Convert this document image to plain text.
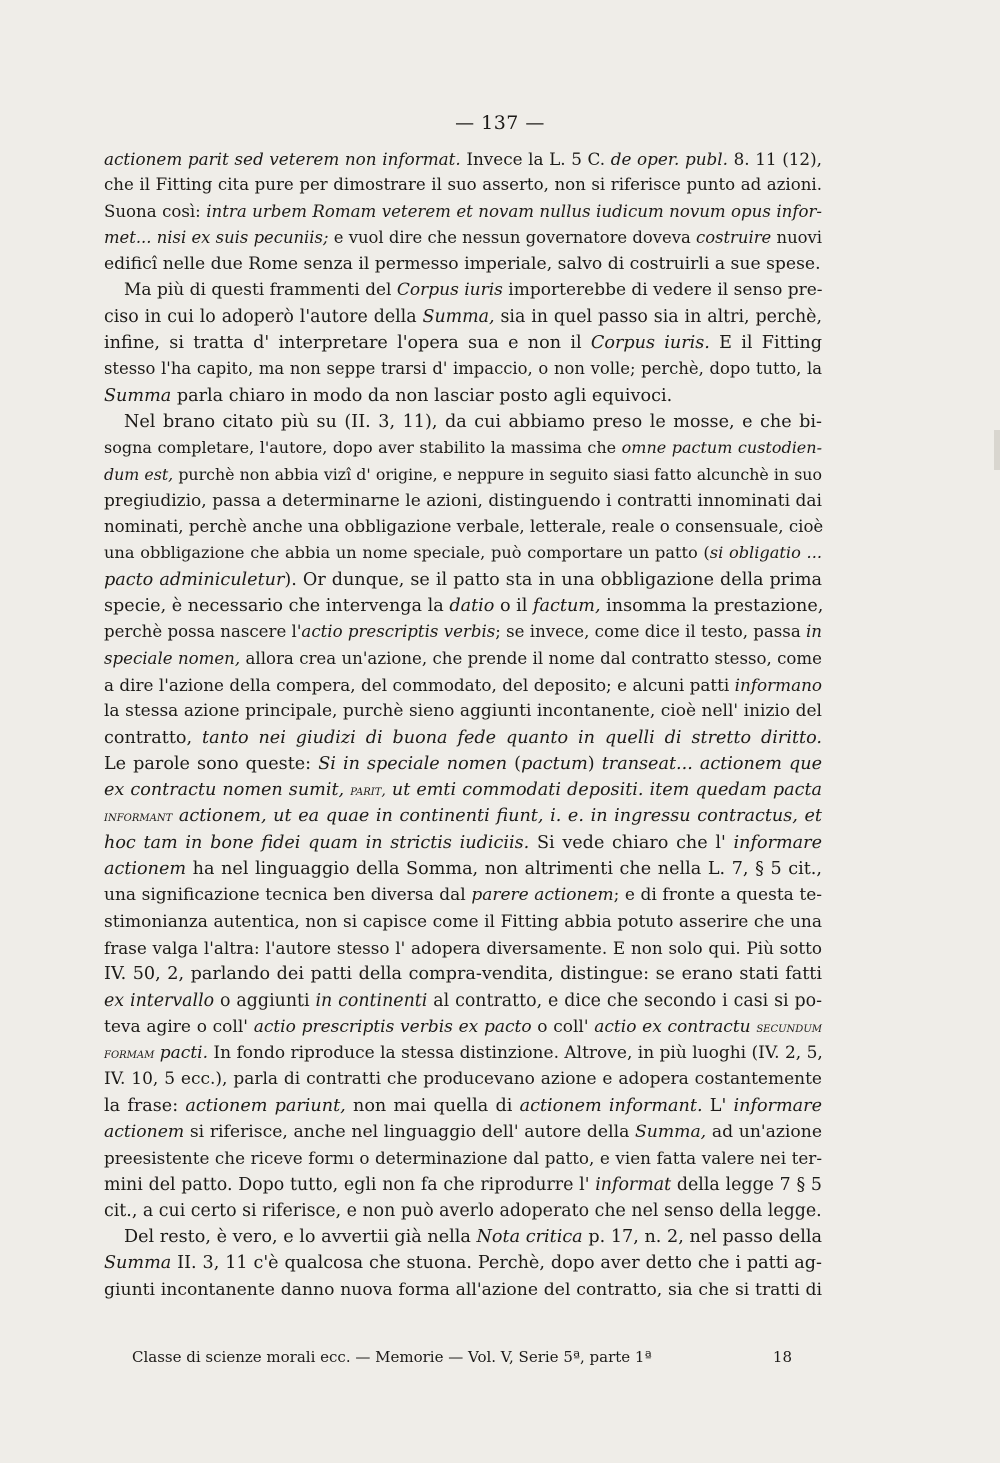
— 137 —
actionem parit sed veterem non informat. Invece la L. 5 C. de oper. publ. 8. 11 (12),
che il Fitting cita pure per dimostrare il suo asserto, non si riferisce punto ad azioni.
Suona così: intra urbem Romam veterem et novam nullus iudicum novum opus infor-
met... nisi ex suis pecuniis; e vuol dire che nessun governatore doveva costruire nuovi
edificî nelle due Rome senza il permesso imperiale, salvo di costruirli a sue spese.
Ma più di questi frammenti del Corpus iuris importerebbe di vedere il senso pre-
ciso in cui lo adoperò l'autore della Summa, sia in quel passo sia in altri, perchè,
infine, si tratta d' interpretare l'opera sua e non il Corpus iuris. E il Fitting
stesso l'ha capito, ma non seppe trarsi d' impaccio, o non volle; perchè, dopo tutto, la
Summa parla chiaro in modo da non lasciar posto agli equivoci.
Nel brano citato più su (II. 3, 11), da cui abbiamo preso le mosse, e che bi-
sogna completare, l'autore, dopo aver stabilito la massima che omne pactum custodien-
dum est, purchè non abbia vizî d' origine, e neppure in seguito siasi fatto alcunchè in suo
pregiudizio, passa a determinarne le azioni, distinguendo i contratti innominati dai
nominati, perchè anche una obbligazione verbale, letterale, reale o consensuale, cioè
una obbligazione che abbia un nome speciale, può comportare un patto (si obligatio ...
pacto adminiculetur). Or dunque, se il patto sta in una obbligazione della prima
specie, è necessario che intervenga la datio o il factum, insomma la prestazione,
perchè possa nascere l'actio prescriptis verbis; se invece, come dice il testo, passa in
speciale nomen, allora crea un'azione, che prende il nome dal contratto stesso, come
a dire l'azione della compera, del commodato, del deposito; e alcuni patti informano
la stessa azione principale, purchè sieno aggiunti incontanente, cioè nell' inizio del
contratto, tanto nei giudizi di buona fede quanto in quelli di stretto diritto.
Le parole sono queste: Si in speciale nomen (pactum) transeat... actionem que
ex contractu nomen sumit, parit, ut emti commodati depositi. item quedam pacta
informant actionem, ut ea quae in continenti fiunt, i. e. in ingressu contractus, et
hoc tam in bone fidei quam in strictis iudiciis. Si vede chiaro che l' informare
actionem ha nel linguaggio della Somma, non altrimenti che nella L. 7, § 5 cit.,
una significazione tecnica ben diversa dal parere actionem; e di fronte a questa te-
stimonianza autentica, non si capisce come il Fitting abbia potuto asserire che una
frase valga l'altra: l'autore stesso l' adopera diversamente. E non solo qui. Più sotto
IV. 50, 2, parlando dei patti della compra-vendita, distingue: se erano stati fatti
ex intervallo o aggiunti in continenti al contratto, e dice che secondo i casi si po-
teva agire o coll' actio prescriptis verbis ex pacto o coll' actio ex contractu secundum
formam pacti. In fondo riproduce la stessa distinzione. Altrove, in più luoghi (IV. 2, 5,
IV. 10, 5 ecc.), parla di contratti che producevano azione e adopera costantemente
la frase: actionem pariunt, non mai quella di actionem informant. L' informare
actionem si riferisce, anche nel linguaggio dell' autore della Summa, ad un'azione
preesistente che riceve formı o determinazione dal patto, e vien fatta valere nei ter-
mini del patto. Dopo tutto, egli non fa che riprodurre l' informat della legge 7 § 5
cit., a cui certo si riferisce, e non può averlo adoperato che nel senso della legge.
Del resto, è vero, e lo avvertii già nella Nota critica p. 17, n. 2, nel passo della
Summa II. 3, 11 c'è qualcosa che stuona. Perchè, dopo aver detto che i patti ag-
giunti incontanente danno nuova forma all'azione del contratto, sia che si tratti di
Classe di scienze morali ecc. — Memorie — Vol. V, Serie 5ª, parte 1ª	18
